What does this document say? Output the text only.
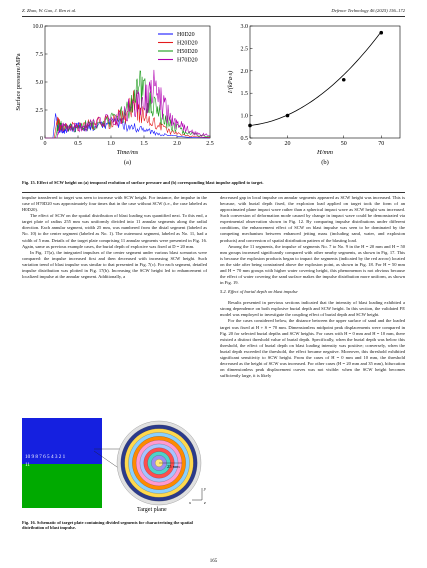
Z. Zhao, W. Gao, J. Ren et al.	Defence Technology 46 (2025) 156–172
0	0.5	1.0	1.5	2.0	2.5
0
2.5
5.0
7.5
10.0
H0D20
H20D20
H50D20
H70D20
Time/ms
Surface pressure/MPa
(a)
0	20	50	70
0.5
1.0
1.5
2.0
2.5
3.0
H/mm
I/(kPa·s)
(b)
Fig. 15. Effect of SCW height on (a) temporal evolution of surface pressure and (b) corresponding blast impulse applied to target.

impulse transferred to target was seen to increase with SCW height. For instance, the impulse in the case of H70D20 was approximately four times that in the case without SCW (i.e., the case labeled as H0D20).

The effect of SCW on the spatial distribution of blast loading was quantified next. To this end, a target plate of radius 255 mm was uniformly divided into 11 annular segments along the radial direction. Each annular segment, width 25 mm, was numbered from the distal segment (labeled as No. 10) to the center segment (labeled as No. 1). The outermost segment, labeled as No. 11, had a width of 5 mm. Details of the target plate comprising 11 annular segments were presented in Fig. 16. Again, same as previous example cases, the burial depth of explosive was fixed at D = 20 mm.

In Fig. 17(a), the integrated impulses of the center segment under various blast scenarios were compared: the impulse increased first and then decreased with increasing SCW height. Such variation trend of blast impulse was similar to that presented in Fig. 7(c). For each segment, detailed impulse distribution was plotted in Fig. 17(b). Increasing the SCW height led to enhancement of localized impulse at the annular segment. Additionally, a

10 9 8 7 6 5 4 3 2 1
11	25 mm
Target plane
y
x	z
Fig. 16. Schematic of target plate containing divided segments for characterizing the spatial distribution of blast impulse.

decreased gap in local impulse on annular segments appeared as SCW height was increased. This is because, with burial depth fixed, the explosion load applied on target took the form of an approximated plane impact wave rather than a spherical impact wave as SCW height was increased. Such conversion of deformation mode caused by change in impact wave could be demonstrated via experimental observation shown in Fig. 12. By comparing impulse distributions under different conditions, the enhancement effect of SCW on blast impulse was seen to be dominated by the competing mechanism between enhanced jetting mass (including sand, water, and explosion products) and conversion of spatial distribution pattern of the blasting load.

Among the 11 segments, the impulse of segments No. 7 to No. 9 in the H = 20 mm and H = 50 mm groups increased significantly compared with other nearby segments, as shown in Fig. 17. This is because the explosion products began to impact the segments (indicated by the red arrow) located on the side after being constrained above the explosion point, as shown in Fig. 18. For H = 50 mm and H = 70 mm groups with higher water covering height, this phenomenon is not obvious because the effect of water covering the sand surface makes the impulse distribution more uniform, as shown in Fig. 19.

5.2. Effect of burial depth on blast impulse

Results presented in previous sections indicated that the intensity of blast loading exhibited a strong dependence on both explosive burial depth and SCW height. In this section, the validated FE model was employed to investigate the coupling effect of burial depth and SCW height.

For the cases considered below, the distance between the upper surface of sand and the loaded target was fixed at H + S = 70 mm. Dimensionless midpoint peak displacements were compared in Fig. 20 for selected burial depths and SCW heights. For cases with H = 0 mm and H = 10 mm, there existed a distinct threshold value of burial depth. Specifically, when the burial depth was below this threshold, the effect of burial depth on blast loading intensity was positive; conversely, when the burial depth exceeded the threshold, the effect became negative. Moreover, this threshold exhibited significant sensitivity to SCW height. From the cases of H = 0 mm and 10 mm, the threshold decreased as the height of SCW was increased. For other cases (H = 20 mm and 35 mm), bifurcation on dimensionless peak displacement curves was not visible: when the SCW height becomes sufficiently large, it is likely

165
